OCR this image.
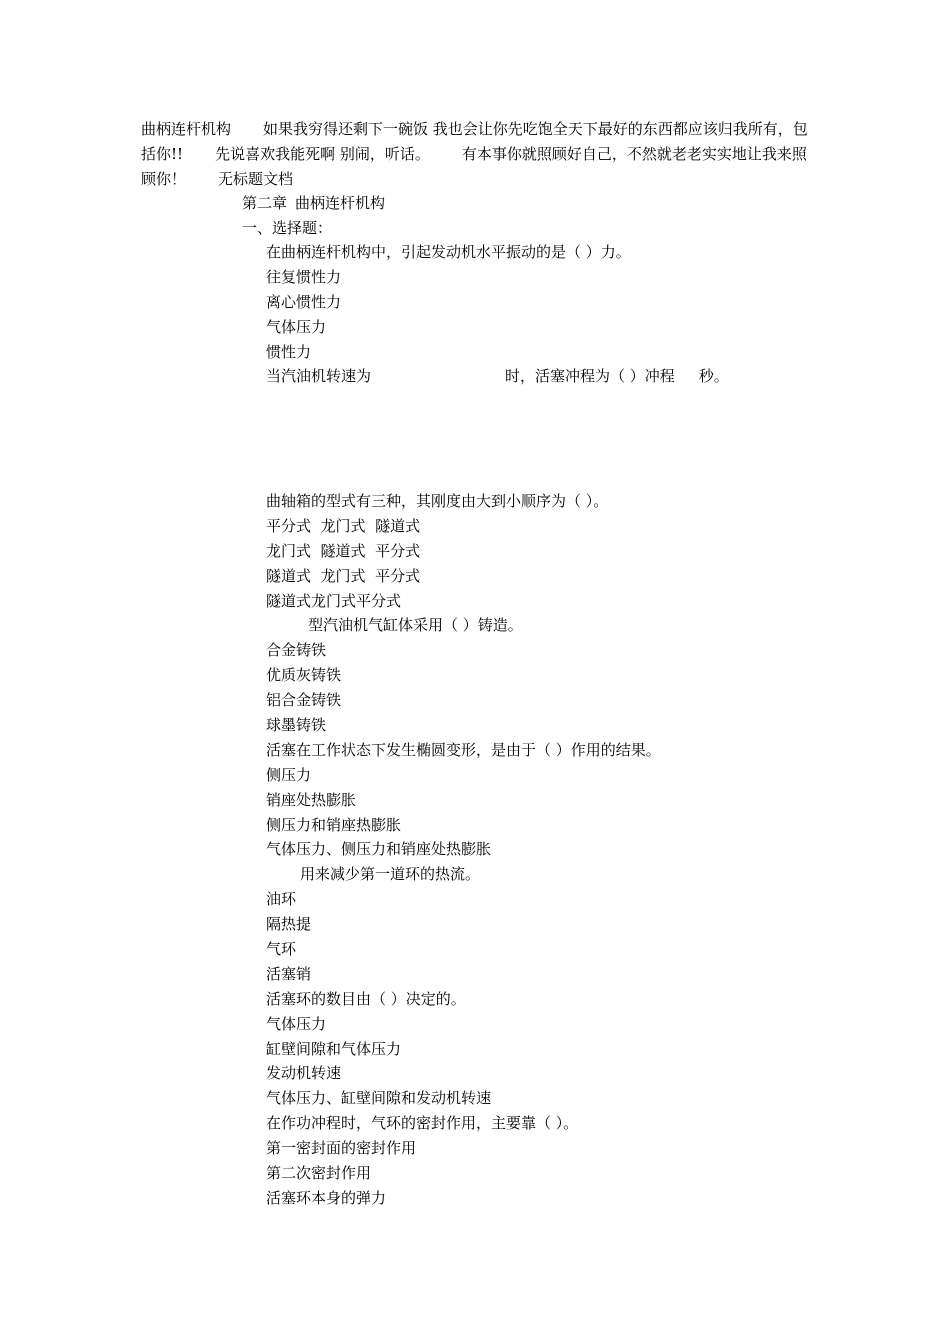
曲柄连杆机构 如果我穷得还剩下一碗饭 我也会让你先吃饱全天下最好的东西都应该归我所有，包括你!! 先说喜欢我能死啊 别闹，听话。 有本事你就照顾好自己，不然就老老实实地让我来照顾你！ 无标题文档

第二章 曲柄连杆机构

一、选择题：

在曲柄连杆机构中，引起发动机水平振动的是（ ）力。
往复惯性力
离心惯性力
气体压力
惯性力
当汽油机转速为	时，活塞冲程为（ ）冲程 秒。
曲轴箱的型式有三种，其刚度由大到小顺序为（ ）。
平分式  龙门式  隧道式
龙门式  隧道式  平分式
隧道式  龙门式  平分式
隧道式龙门式平分式
型汽油机气缸体采用（ ）铸造。
合金铸铁
优质灰铸铁
铝合金铸铁
球墨铸铁
活塞在工作状态下发生椭圆变形，是由于（ ）作用的结果。
侧压力
销座处热膨胀
侧压力和销座热膨胀
气体压力、侧压力和销座处热膨胀
用来减少第一道环的热流。
油环
隔热提
气环
活塞销
活塞环的数目由（ ）决定的。
气体压力
缸壁间隙和气体压力
发动机转速
气体压力、缸壁间隙和发动机转速
在作功冲程时，气环的密封作用，主要靠（ ）。
第一密封面的密封作用
第二次密封作用
活塞环本身的弹力
